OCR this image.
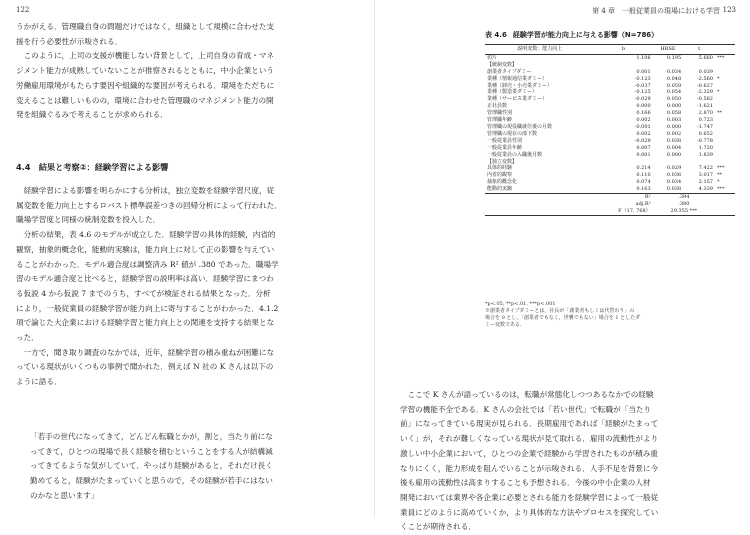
122

うかがえる．管理職自身の問題だけではなく，組織として規模に合わせた支
援を行う必要性が示唆される．

このように，上司の支援が機能しない背景として，上司自身の育成・マネ
ジメント能力が成熟していないことが推察されるとともに，中小企業という
労働雇用環境がもたらす要因や組織的な要因が考えられる．環境をただちに
変えることは難しいものの，環境に合わせた管理職のマネジメント能力の開
発を組織ぐるみで考えることが求められる．

4.4　結果と考察②：経験学習による影響

経験学習による影響を明らかにする分析は，独立変数を経験学習尺度，従
属変数を能力向上とするロバスト標準誤差つきの回帰分析によって行われた．
職場学習度と同様の統制変数を投入した．

分析の結果，表 4.6 のモデルが成立した．経験学習の具体的経験，内省的
観察，抽象的概念化，能動的実験は，能力向上に対して正の影響を与えてい
ることがわかった．モデル適合度は調整済み R² 値が .380 であった．職場学
習のモデル適合度と比べると，経験学習の説明率は高い．経験学習にまつわ
る仮説 4 から仮説 7 までのうち，すべてが検証される結果となった．分析
により，一般従業員の経験学習が能力向上に寄与することがわかった．4.1.2
項で論じた大企業における経験学習と能力向上との関連を支持する結果とな
った．

一方で，聞き取り調査のなかでは，近年，経験学習の積み重ねが困難にな
っている現状がいくつもの事例で聞かれた．例えば N 社の K さんは以下の
ように語る．

「若手の世代になってきて，どんどん転職とかが，割と，当たり前にな
ってきて，ひとつの現場で長く経験を積むということをする人が結構減
ってきてるような気がしていて．やっぱり経験があると，それだけ長く
勤めてると，経験がたまっていくと思うので，その経験が若手にはない
のかなと思います」

第 4 章　一般従業員の現場における学習 123
表 4.6 経験学習が能力向上に与える影響（N=786）
説明変数：能力向上	b	HRSE	t	
切片	1.106	0.195	5.660	***
【統制変数】				
創業者タイプダミー	0.001	0.034	0.039	
業種（情報通信業ダミー）	-0.123	0.048	-2.560	*
業種（卸売・小売業ダミー）	-0.037	0.059	-0.627	
業種（製造業ダミー）	-0.125	0.054	-2.329	*
業種（サービス業ダミー）	-0.029	0.050	-0.582	
正社員数	0.000	0.000	-1.621	
管理職性別	0.166	0.058	2.870	**
管理職年齢	0.002	0.003	0.723	
管理職の現役職就任後の月数	-0.001	0.000	-1.747	
管理職の現在の部下数	0.002	0.002	0.652	
一般従業員性別	-0.029	0.038	-0.778	
一般従業員年齢	0.007	0.004	1.720	
一般従業員の入職後月数	0.001	0.000	1.839	
【独立変数】				
具体的経験	0.214	0.029	7.422	***
内省的観察	0.110	0.036	3.017	**
抽象的概念化	0.074	0.034	2.157	*
能動的実験	0.163	0.038	4.339	***
	R²	.394		
	adj.R²	.380		
	F（17, 768）	29.355 ***		

*p<.05, **p<.01, ***p<.001

※創業者タイプダミーとは，社長が「創業者もしくは代替わり」の

場合を 0 とし，「創業者でもなく，世襲でもない」場合を 1 としたダ

ミー変数である．

ここで K さんが語っているのは，転職が常態化しつつあるなかでの経験
学習の機能不全である．K さんの会社では「若い世代」で転職が「当たり
前」になってきている現実が見られる．長期雇用であれば「経験がたまって
いく」が，それが難しくなっている現状が見て取れる．雇用の流動性がより
激しい中小企業において，ひとつの企業で経験から学習されたものが積み重
なりにくく，能力形成を阻んでいることが示唆される．人手不足を背景に今
後も雇用の流動性は高まりすることも予想される．今後の中小企業の人材
開発においては業界や各企業に必要とされる能力を経験学習によって一般従
業員にどのように高めていくか，より具体的な方法やプロセスを探究してい
くことが期待される．
